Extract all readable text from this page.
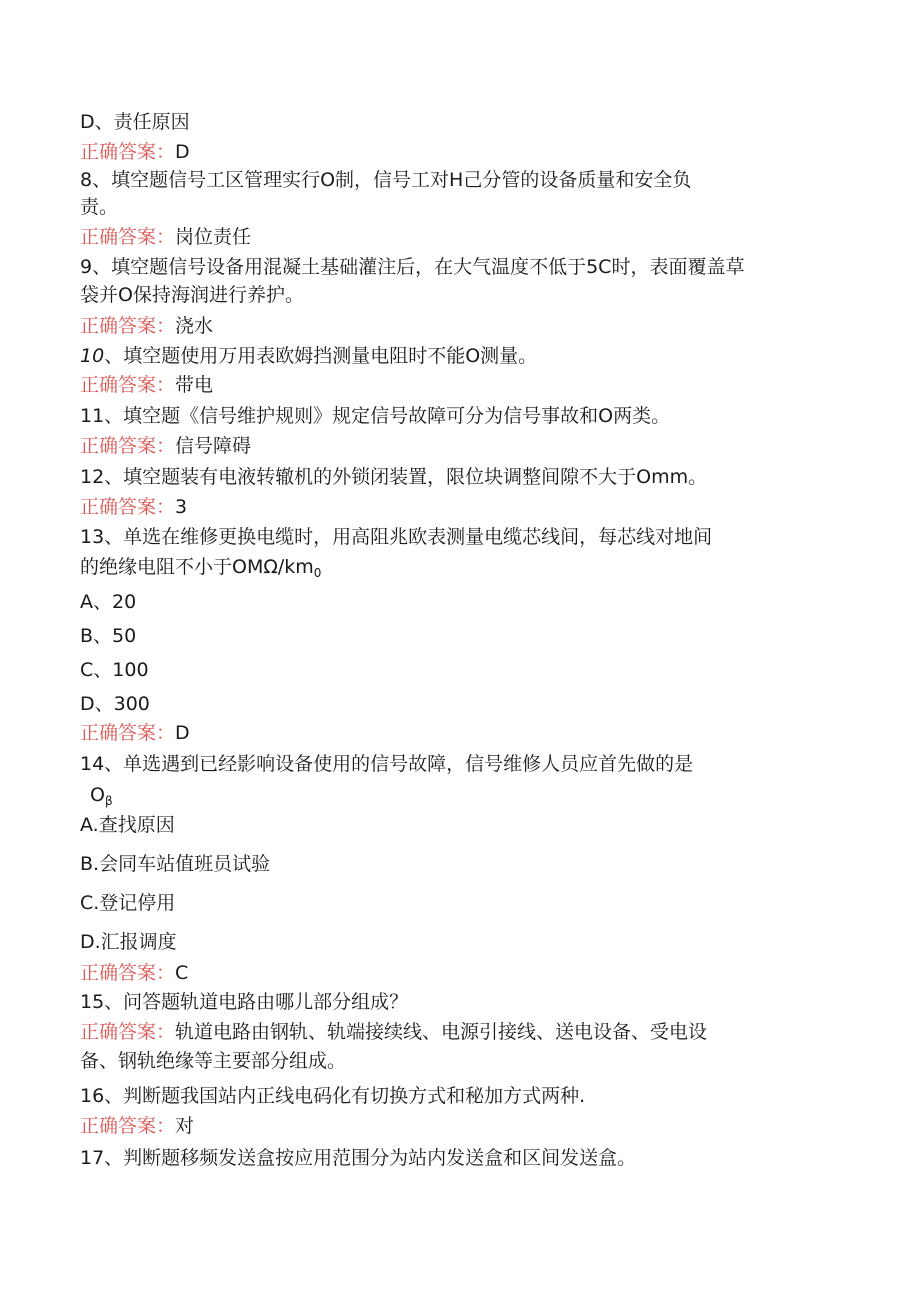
D、责任原因
正确答案：D
8、填空题信号工区管理实行O制，信号工对H己分管的设备质量和安全负
责。
正确答案：岗位责任
9、填空题信号设备用混凝土基础灌注后，在大气温度不低于5C时，表面覆盖草
袋并O保持海润进行养护。
正确答案：浇水
10、填空题使用万用表欧姆挡测量电阻时不能O测量。
正确答案：带电
11、填空题《信号维护规则》规定信号故障可分为信号事故和O两类。
正确答案：信号障碍
12、填空题装有电液转辙机的外锁闭装置，限位块调整间隙不大于Omm。
正确答案：3
13、单选在维修更换电缆时，用高阻兆欧表测量电缆芯线间，每芯线对地间
的绝缘电阻不小于$OM\Omega∕km_0$
A、20
B、50
C、100
D、300
正确答案：D
14、单选遇到已经影响设备使用的信号故障，信号维修人员应首先做的是
$O_\beta$
A.查找原因
B.会同车站值班员试验
C.登记停用
D.汇报调度
正确答案：C
15、问答题轨道电路由哪儿部分组成？
正确答案：轨道电路由钢轨、轨端接续线、电源引接线、送电设备、受电设
备、钢轨绝缘等主要部分组成。
16、判断题我国站内正线电码化有切换方式和秘加方式两种.
正确答案：对
17、判断题移频发送盒按应用范围分为站内发送盒和区间发送盒。
